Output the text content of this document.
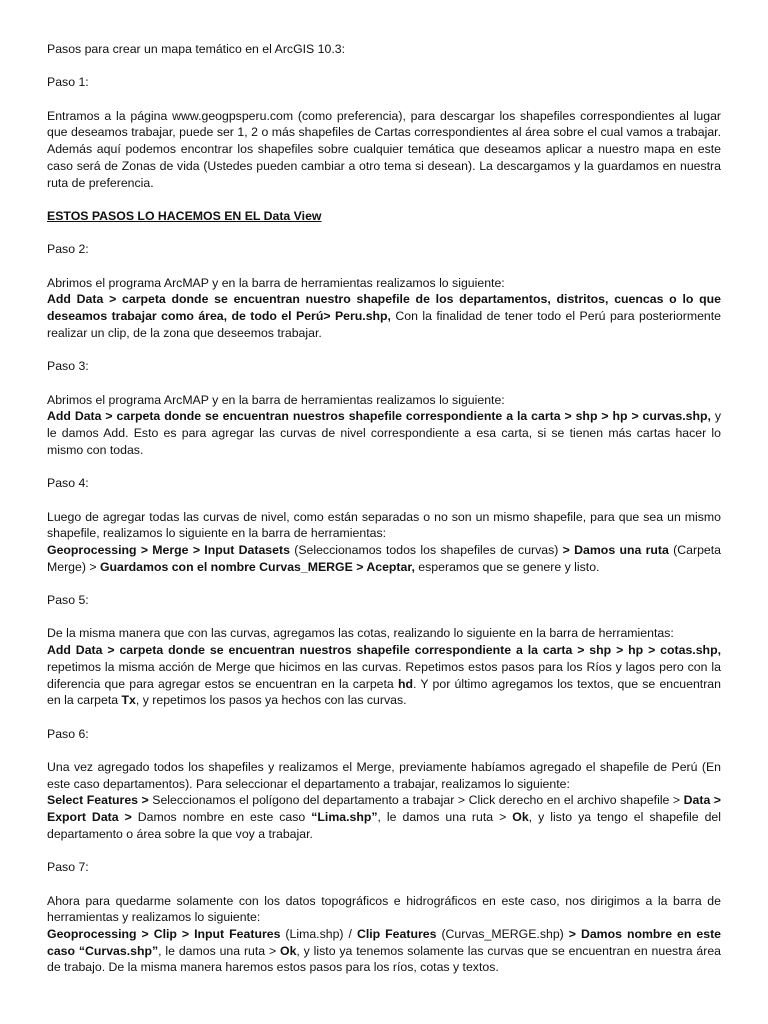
Pasos para crear un mapa temático en el ArcGIS 10.3:

Paso 1:

Entramos a la página www.geogpsperu.com (como preferencia), para descargar los shapefiles correspondientes al lugar que deseamos trabajar, puede ser 1, 2 o más shapefiles de Cartas correspondientes al área sobre el cual vamos a trabajar. Además aquí podemos encontrar los shapefiles sobre cualquier temática que deseamos aplicar a nuestro mapa en este caso será de Zonas de vida (Ustedes pueden cambiar a otro tema si desean). La descargamos y la guardamos en nuestra ruta de preferencia.

ESTOS PASOS LO HACEMOS EN EL Data View

Paso 2:

Abrimos el programa ArcMAP y en la barra de herramientas realizamos lo siguiente:

Add Data > carpeta donde se encuentran nuestro shapefile de los departamentos, distritos, cuencas o lo que deseamos trabajar como área, de todo el Perú> Peru.shp, Con la finalidad de tener todo el Perú para posteriormente realizar un clip, de la zona que deseemos trabajar.

Paso 3:

Abrimos el programa ArcMAP y en la barra de herramientas realizamos lo siguiente:

Add Data > carpeta donde se encuentran nuestros shapefile correspondiente a la carta > shp > hp > curvas.shp, y le damos Add. Esto es para agregar las curvas de nivel correspondiente a esa carta, si se tienen más cartas hacer lo mismo con todas.

Paso 4:

Luego de agregar todas las curvas de nivel, como están separadas o no son un mismo shapefile, para que sea un mismo shapefile, realizamos lo siguiente en la barra de herramientas:

Geoprocessing > Merge > Input Datasets (Seleccionamos todos los shapefiles de curvas) > Damos una ruta (Carpeta Merge) > Guardamos con el nombre Curvas_MERGE > Aceptar, esperamos que se genere y listo.

Paso 5:

De la misma manera que con las curvas, agregamos las cotas, realizando lo siguiente en la barra de herramientas:

Add Data > carpeta donde se encuentran nuestros shapefile correspondiente a la carta > shp > hp > cotas.shp, repetimos la misma acción de Merge que hicimos en las curvas. Repetimos estos pasos para los Ríos y lagos pero con la diferencia que para agregar estos se encuentran en la carpeta hd. Y por último agregamos los textos, que se encuentran en la carpeta Tx, y repetimos los pasos ya hechos con las curvas.

Paso 6:

Una vez agregado todos los shapefiles y realizamos el Merge, previamente habíamos agregado el shapefile de Perú (En este caso departamentos). Para seleccionar el departamento a trabajar, realizamos lo siguiente:

Select Features > Seleccionamos el polígono del departamento a trabajar > Click derecho en el archivo shapefile > Data > Export Data > Damos nombre en este caso “Lima.shp”, le damos una ruta > Ok, y listo ya tengo el shapefile del departamento o área sobre la que voy a trabajar.

Paso 7:

Ahora para quedarme solamente con los datos topográficos e hidrográficos en este caso, nos dirigimos a la barra de herramientas y realizamos lo siguiente:

Geoprocessing > Clip > Input Features (Lima.shp) / Clip Features (Curvas_MERGE.shp) > Damos nombre en este caso “Curvas.shp”, le damos una ruta > Ok, y listo ya tenemos solamente las curvas que se encuentran en nuestra área de trabajo. De la misma manera haremos estos pasos para los ríos, cotas y textos.
